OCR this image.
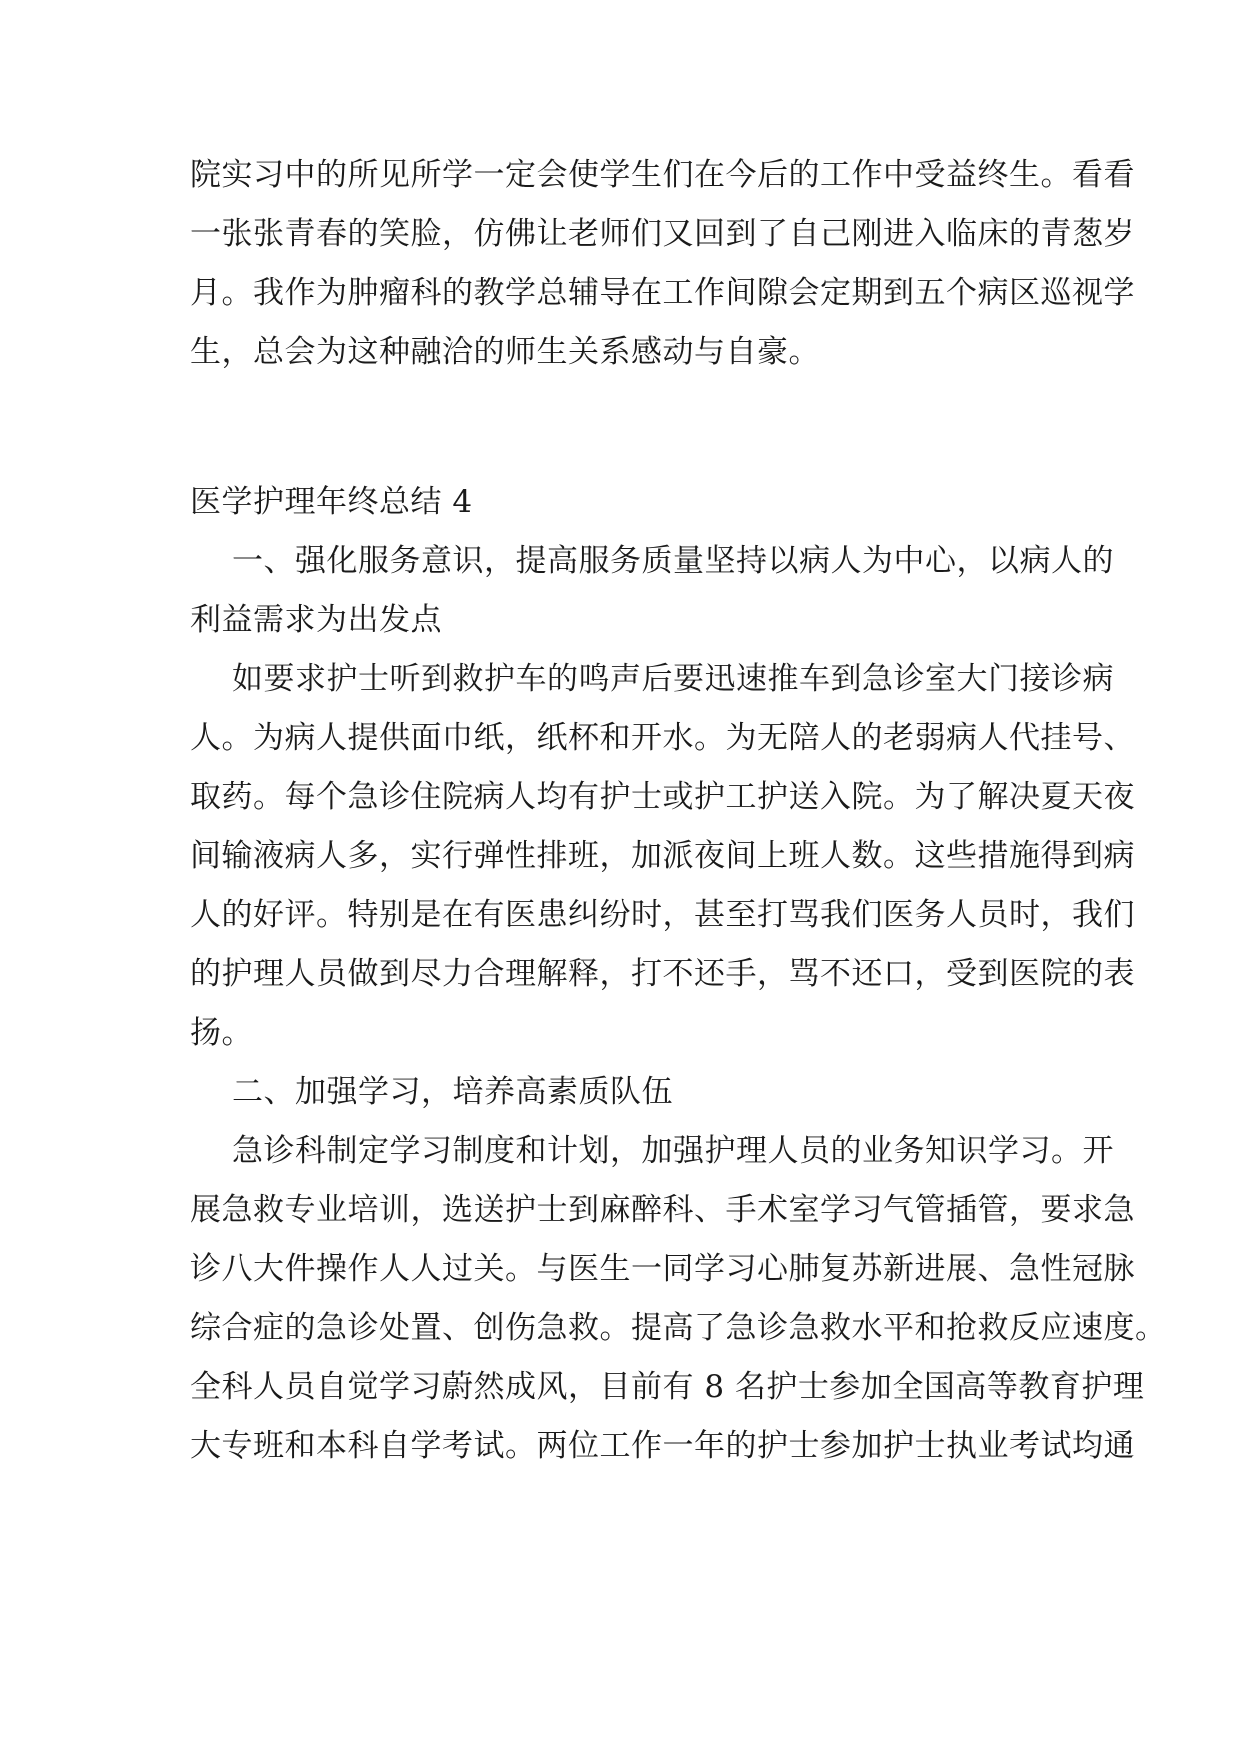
院实习中的所见所学一定会使学生们在今后的工作中受益终生。看看
一张张青春的笑脸，仿佛让老师们又回到了自己刚进入临床的青葱岁
月。我作为肿瘤科的教学总辅导在工作间隙会定期到五个病区巡视学
生，总会为这种融洽的师生关系感动与自豪。
医学护理年终总结 4
一、强化服务意识，提高服务质量坚持以病人为中心，以病人的
利益需求为出发点
如要求护士听到救护车的鸣声后要迅速推车到急诊室大门接诊病
人。为病人提供面巾纸，纸杯和开水。为无陪人的老弱病人代挂号、
取药。每个急诊住院病人均有护士或护工护送入院。为了解决夏天夜
间输液病人多，实行弹性排班，加派夜间上班人数。这些措施得到病
人的好评。特别是在有医患纠纷时，甚至打骂我们医务人员时，我们
的护理人员做到尽力合理解释，打不还手，骂不还口，受到医院的表
扬。
二、加强学习，培养高素质队伍
急诊科制定学习制度和计划，加强护理人员的业务知识学习。开
展急救专业培训，选送护士到麻醉科、手术室学习气管插管，要求急
诊八大件操作人人过关。与医生一同学习心肺复苏新进展、急性冠脉
综合症的急诊处置、创伤急救。提高了急诊急救水平和抢救反应速度。
全科人员自觉学习蔚然成风，目前有 8 名护士参加全国高等教育护理
大专班和本科自学考试。两位工作一年的护士参加护士执业考试均通
